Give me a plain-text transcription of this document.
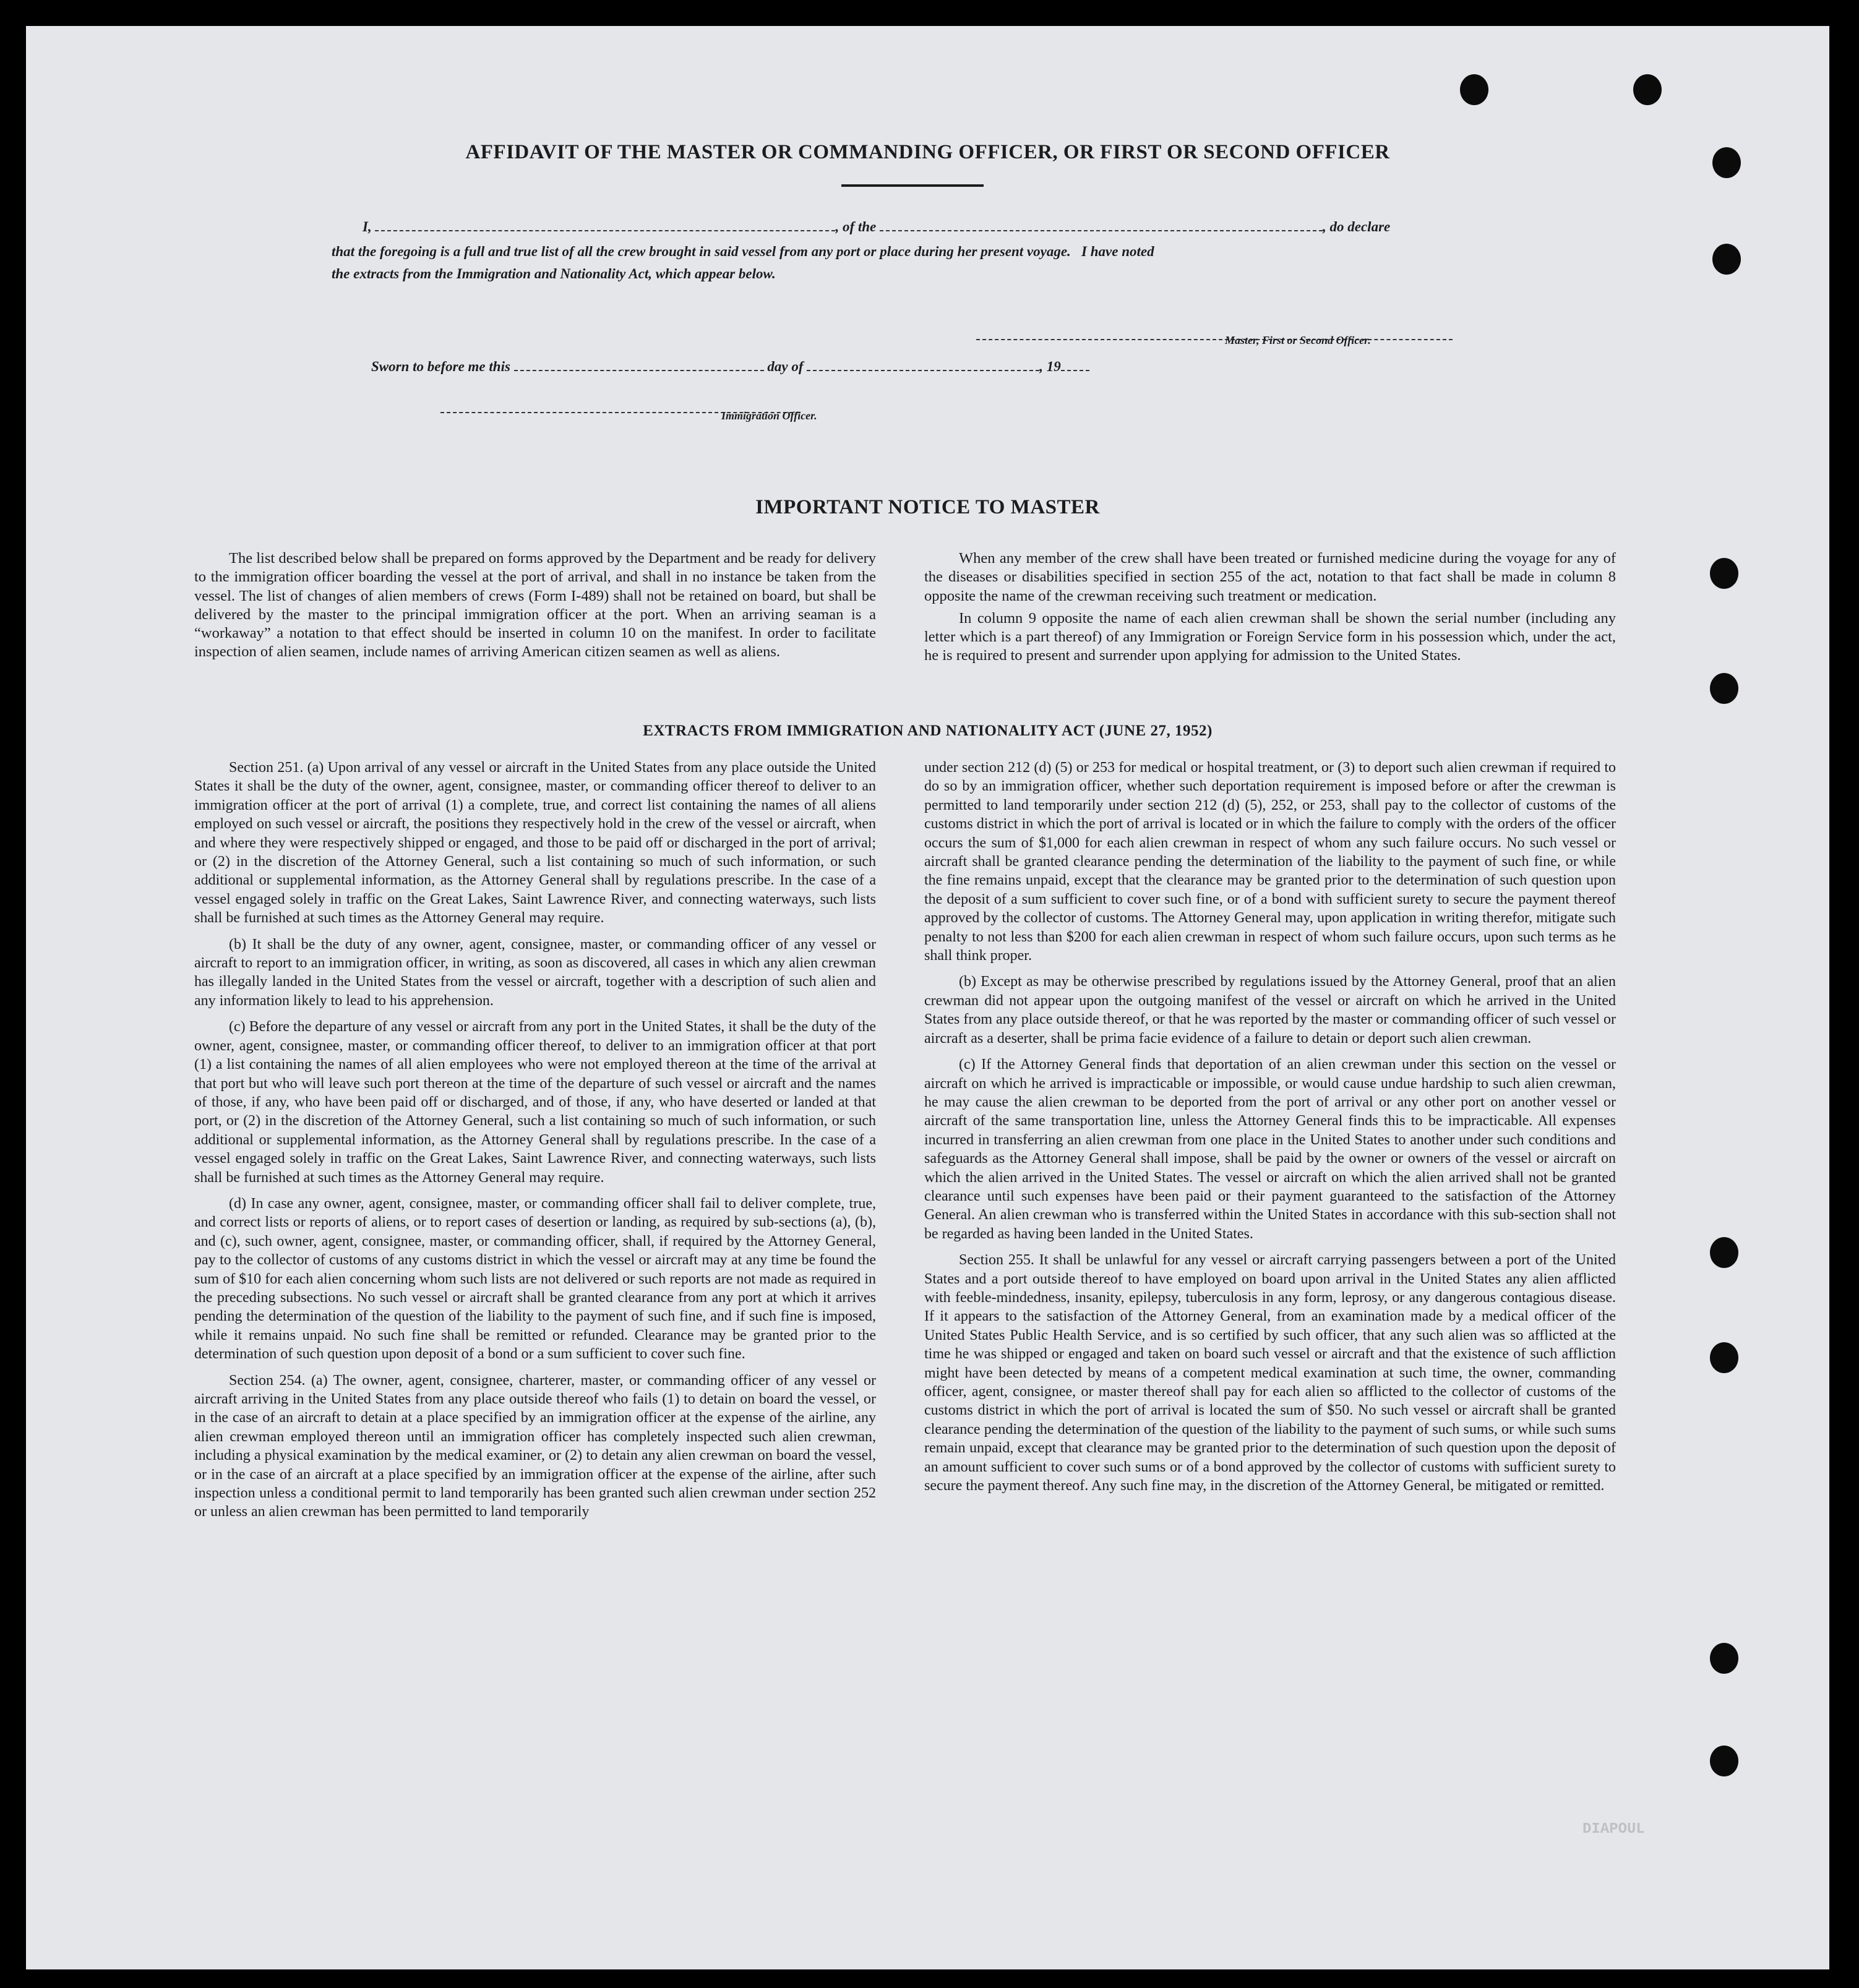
DIAPOUL
AFFIDAVIT OF THE MASTER OR COMMANDING OFFICER, OR FIRST OR SECOND OFFICER
I,	, of the	, do declare
that the foregoing is a full and true list of all the crew brought in said vessel from any port or place during her present voyage.   I have noted
the extracts from the Immigration and Nationality Act, which appear below.
Master, First or Second Officer.
Sworn to before me this	day of	, 19
Immigration Officer.
IMPORTANT NOTICE TO MASTER

The list described below shall be prepared on forms approved by the Department and be ready for delivery to the immigration officer boarding the vessel at the port of arrival, and shall in no instance be taken from the vessel. The list of changes of alien members of crews (Form I-489) shall not be retained on board, but shall be delivered by the master to the principal immigration officer at the port. When an arriving seaman is a “workaway” a notation to that effect should be inserted in column 10 on the manifest. In order to facilitate inspection of alien seamen, include names of arriving American citizen seamen as well as aliens.

When any member of the crew shall have been treated or furnished medicine during the voyage for any of the diseases or disabilities specified in section 255 of the act, notation to that fact shall be made in column 8 opposite the name of the crewman receiving such treatment or medication.

In column 9 opposite the name of each alien crewman shall be shown the serial number (including any letter which is a part thereof) of any Immigration or Foreign Service form in his possession which, under the act, he is required to present and surrender upon applying for admission to the United States.

EXTRACTS FROM IMMIGRATION AND NATIONALITY ACT (JUNE 27, 1952)

Section 251. (a) Upon arrival of any vessel or aircraft in the United States from any place outside the United States it shall be the duty of the owner, agent, consignee, master, or commanding officer thereof to deliver to an immigration officer at the port of arrival (1) a complete, true, and correct list containing the names of all aliens employed on such vessel or aircraft, the positions they respectively hold in the crew of the vessel or aircraft, when and where they were respectively shipped or engaged, and those to be paid off or discharged in the port of arrival; or (2) in the discretion of the Attorney General, such a list containing so much of such information, or such additional or supplemental information, as the Attorney General shall by regulations prescribe. In the case of a vessel engaged solely in traffic on the Great Lakes, Saint Lawrence River, and connecting waterways, such lists shall be furnished at such times as the Attorney General may require.

(b) It shall be the duty of any owner, agent, consignee, master, or commanding officer of any vessel or aircraft to report to an immigration officer, in writing, as soon as discovered, all cases in which any alien crewman has illegally landed in the United States from the vessel or aircraft, together with a description of such alien and any information likely to lead to his apprehension.

(c) Before the departure of any vessel or aircraft from any port in the United States, it shall be the duty of the owner, agent, consignee, master, or commanding officer thereof, to deliver to an immigration officer at that port (1) a list containing the names of all alien employees who were not employed thereon at the time of the arrival at that port but who will leave such port thereon at the time of the departure of such vessel or aircraft and the names of those, if any, who have been paid off or discharged, and of those, if any, who have deserted or landed at that port, or (2) in the discretion of the Attorney General, such a list containing so much of such information, or such additional or supplemental information, as the Attorney General shall by regulations prescribe. In the case of a vessel engaged solely in traffic on the Great Lakes, Saint Lawrence River, and connecting waterways, such lists shall be furnished at such times as the Attorney General may require.

(d) In case any owner, agent, consignee, master, or commanding officer shall fail to deliver complete, true, and correct lists or reports of aliens, or to report cases of desertion or landing, as required by sub-sections (a), (b), and (c), such owner, agent, consignee, master, or commanding officer, shall, if required by the Attorney General, pay to the collector of customs of any customs district in which the vessel or aircraft may at any time be found the sum of $10 for each alien concerning whom such lists are not delivered or such reports are not made as required in the preceding subsections. No such vessel or aircraft shall be granted clearance from any port at which it arrives pending the determination of the question of the liability to the payment of such fine, and if such fine is imposed, while it remains unpaid. No such fine shall be remitted or refunded. Clearance may be granted prior to the determination of such question upon deposit of a bond or a sum sufficient to cover such fine.

Section 254. (a) The owner, agent, consignee, charterer, master, or commanding officer of any vessel or aircraft arriving in the United States from any place outside thereof who fails (1) to detain on board the vessel, or in the case of an aircraft to detain at a place specified by an immigration officer at the expense of the airline, any alien crewman employed thereon until an immigration officer has completely inspected such alien crewman, including a physical examination by the medical examiner, or (2) to detain any alien crewman on board the vessel, or in the case of an aircraft at a place specified by an immigration officer at the expense of the airline, after such inspection unless a conditional permit to land temporarily has been granted such alien crewman under section 252 or unless an alien crewman has been permitted to land temporarily

under section 212 (d) (5) or 253 for medical or hospital treatment, or (3) to deport such alien crewman if required to do so by an immigration officer, whether such deportation requirement is imposed before or after the crewman is permitted to land temporarily under section 212 (d) (5), 252, or 253, shall pay to the collector of customs of the customs district in which the port of arrival is located or in which the failure to comply with the orders of the officer occurs the sum of $1,000 for each alien crewman in respect of whom any such failure occurs. No such vessel or aircraft shall be granted clearance pending the determination of the liability to the payment of such fine, or while the fine remains unpaid, except that the clearance may be granted prior to the determination of such question upon the deposit of a sum sufficient to cover such fine, or of a bond with sufficient surety to secure the payment thereof approved by the collector of customs. The Attorney General may, upon application in writing therefor, mitigate such penalty to not less than $200 for each alien crewman in respect of whom such failure occurs, upon such terms as he shall think proper.

(b) Except as may be otherwise prescribed by regulations issued by the Attorney General, proof that an alien crewman did not appear upon the outgoing manifest of the vessel or aircraft on which he arrived in the United States from any place outside thereof, or that he was reported by the master or commanding officer of such vessel or aircraft as a deserter, shall be prima facie evidence of a failure to detain or deport such alien crewman.

(c) If the Attorney General finds that deportation of an alien crewman under this section on the vessel or aircraft on which he arrived is impracticable or impossible, or would cause undue hardship to such alien crewman, he may cause the alien crewman to be deported from the port of arrival or any other port on another vessel or aircraft of the same transportation line, unless the Attorney General finds this to be impracticable. All expenses incurred in transferring an alien crewman from one place in the United States to another under such conditions and safeguards as the Attorney General shall impose, shall be paid by the owner or owners of the vessel or aircraft on which the alien arrived in the United States. The vessel or aircraft on which the alien arrived shall not be granted clearance until such expenses have been paid or their payment guaranteed to the satisfaction of the Attorney General. An alien crewman who is transferred within the United States in accordance with this sub-section shall not be regarded as having been landed in the United States.

Section 255. It shall be unlawful for any vessel or aircraft carrying passengers between a port of the United States and a port outside thereof to have employed on board upon arrival in the United States any alien afflicted with feeble-mindedness, insanity, epilepsy, tuberculosis in any form, leprosy, or any dangerous contagious disease. If it appears to the satisfaction of the Attorney General, from an examination made by a medical officer of the United States Public Health Service, and is so certified by such officer, that any such alien was so afflicted at the time he was shipped or engaged and taken on board such vessel or aircraft and that the existence of such affliction might have been detected by means of a competent medical examination at such time, the owner, commanding officer, agent, consignee, or master thereof shall pay for each alien so afflicted to the collector of customs of the customs district in which the port of arrival is located the sum of $50. No such vessel or aircraft shall be granted clearance pending the determination of the question of the liability to the payment of such sums, or while such sums remain unpaid, except that clearance may be granted prior to the determination of such question upon the deposit of an amount sufficient to cover such sums or of a bond approved by the collector of customs with sufficient surety to secure the payment thereof. Any such fine may, in the discretion of the Attorney General, be mitigated or remitted.
